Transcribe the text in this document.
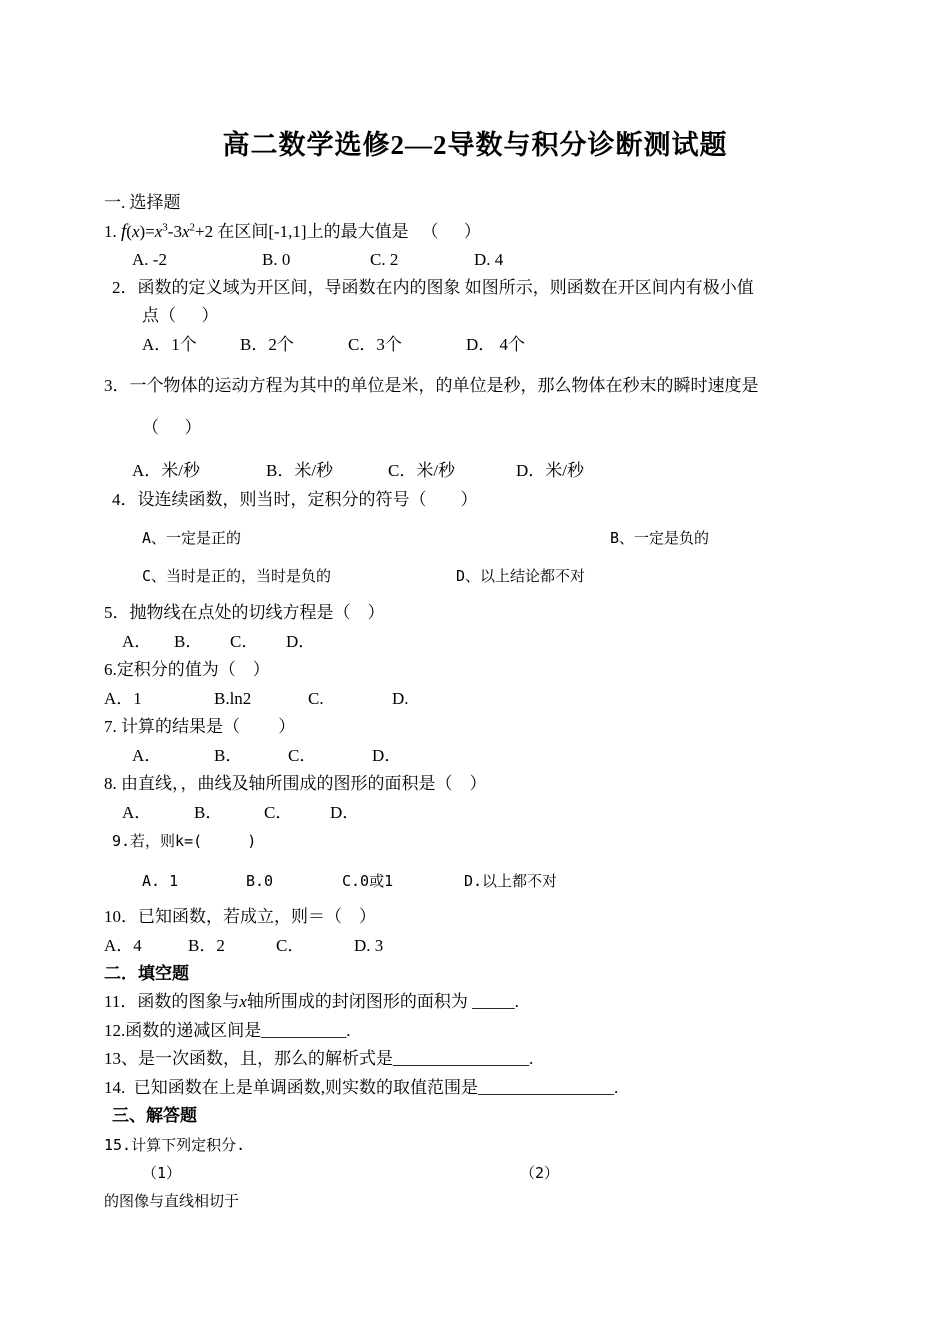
高二数学选修2—2导数与积分诊断测试题
一. 选择题
1. $f(x)=x^3-3x^2+2$ 在区间[-1,1]上的最大值是   （      ）
A. -2	B. 0	C. 2	D. 4
2．函数的定义域为开区间，导函数在内的图象 如图所示，则函数在开区间内有极小值
点（      ）
A．1个	B．2个	C．3个	D． 4个
3．一个物体的运动方程为其中的单位是米，的单位是秒，那么物体在秒末的瞬时速度是
（      ）
A．米/秒	B．米/秒	C．米/秒	D．米/秒
4．设连续函数，则当时，定积分的符号（        ）
A、一定是正的	B、一定是负的
C、当时是正的，当时是负的	D、以上结论都不对
5．抛物线在点处的切线方程是（    ）
A． B． C． D．
6.定积分的值为（    ）
A．1	B.ln2	C.	D.
7. 计算的结果是（         ）
A．	B．	C．	D．
8. 由直线，，曲线及轴所围成的图形的面积是（    ）
A．	B． C． D．
9.若，则k=(     )
A. 1	B.0	C.0或1	D.以上都不对
10．已知函数，若成立，则＝（    ）
A．4	B．2	C．	D. 3
二．填空题
11．函数的图象与x轴所围成的封闭图形的面积为 _____.
12.函数的递减区间是__________.
13、是一次函数，且，那么的解析式是________________.
14.  已知函数在上是单调函数,则实数的取值范围是________________.
三、解答题
15.计算下列定积分.
（1）	（2）
的图像与直线相切于
